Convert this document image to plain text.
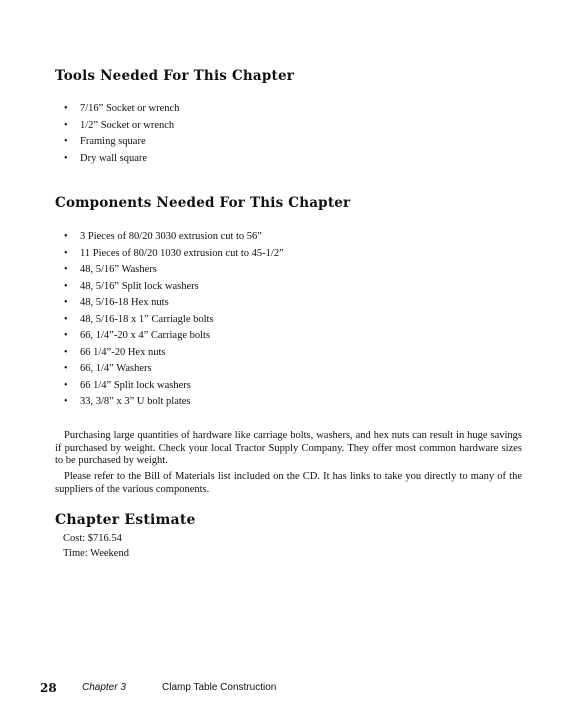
Tools Needed For This Chapter
• 7/16” Socket or wrench
• 1/2” Socket or wrench
• Framing square
• Dry wall square
Components Needed For This Chapter
• 3 Pieces of 80/20 3030 extrusion cut to 56”
• 11 Pieces of 80/20 1030 extrusion cut to 45-1/2”
• 48, 5/16” Washers
• 48, 5/16” Split lock washers
• 48, 5/16-18 Hex nuts
• 48, 5/16-18 x 1” Carriagle bolts
• 66, 1/4”-20 x 4” Carriage bolts
• 66 1/4”-20 Hex nuts
• 66, 1/4” Washers
• 66 1/4” Split lock washers
• 33, 3/8” x 3” U bolt plates

Purchasing large quantities of hardware like carriage bolts, washers, and hex nuts can result in huge savings if purchased by weight. Check your local Tractor Supply Company. They offer most common hardware sizes to be purchased by weight.

Please refer to the Bill of Materials list included on the CD. It has links to take you directly to many of the suppliers of the various components.

Chapter Estimate
Cost: $716.54
Time: Weekend
28	Chapter 3	Clamp Table Construction
